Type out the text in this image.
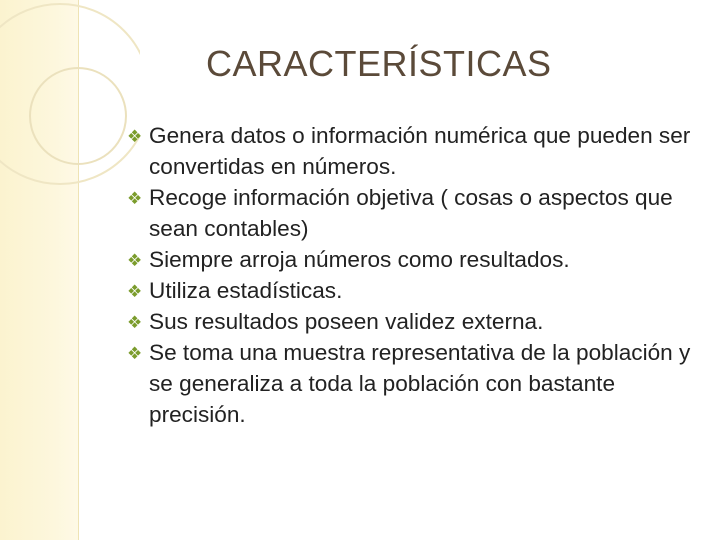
CARACTERÍSTICAS
❖ Genera datos o información numérica que pueden ser convertidas en números.
❖ Recoge información objetiva ( cosas o aspectos que sean contables)
❖ Siempre arroja números como resultados.
❖ Utiliza estadísticas.
❖ Sus resultados poseen validez externa.
❖ Se toma una muestra representativa de la población y se generaliza a toda la población con bastante precisión.
